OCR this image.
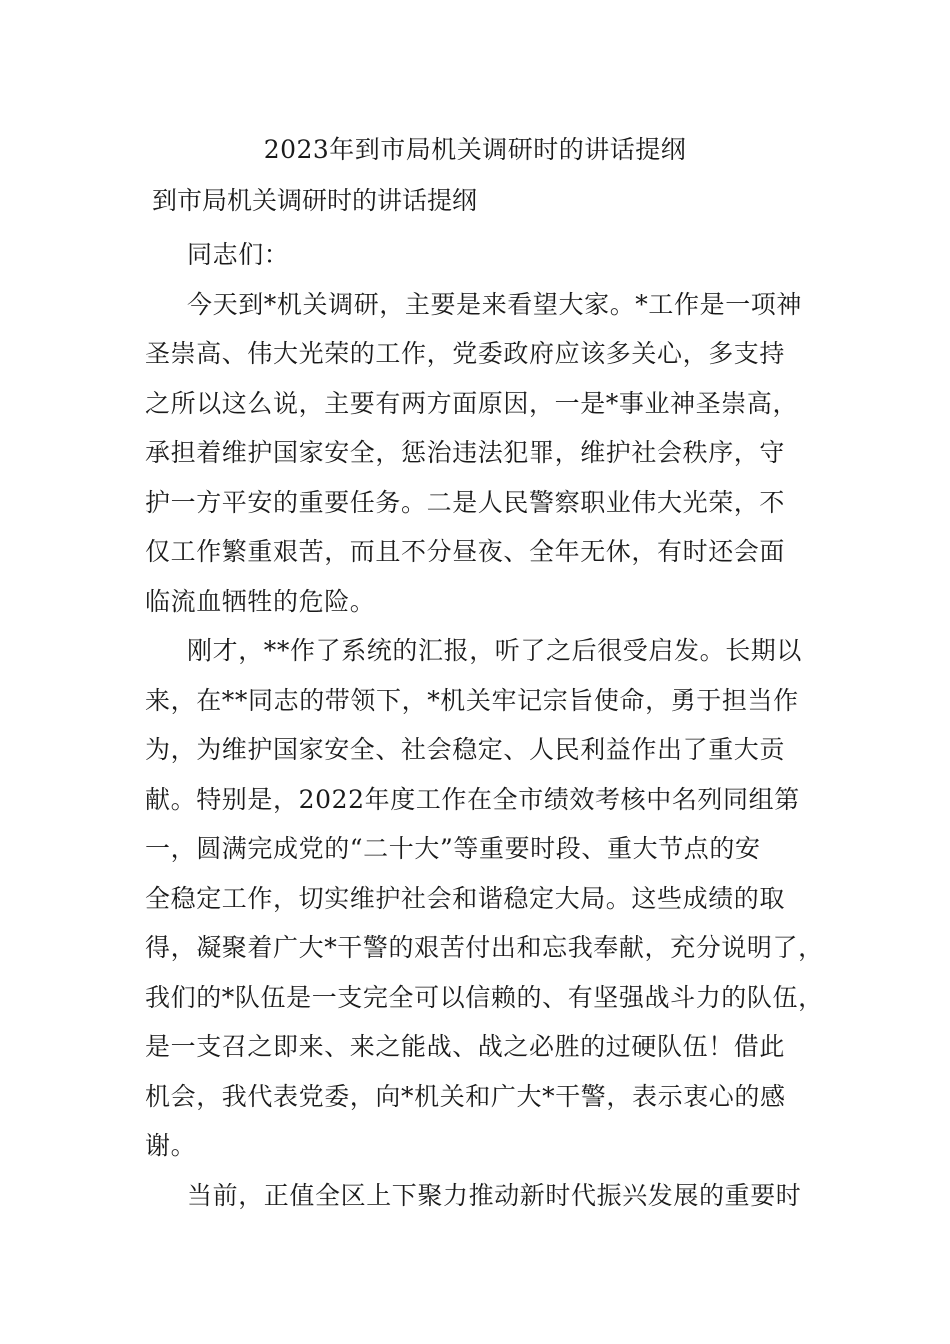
2023年到市局机关调研时的讲话提纲

到市局机关调研时的讲话提纲

同志们：
今天到*机关调研，主要是来看望大家。*工作是一项神
圣崇高、伟大光荣的工作，党委政府应该多关心，多支持
之所以这么说，主要有两方面原因，一是*事业神圣崇高，
承担着维护国家安全，惩治违法犯罪，维护社会秩序，守
护一方平安的重要任务。二是人民警察职业伟大光荣，不
仅工作繁重艰苦，而且不分昼夜、全年无休，有时还会面
临流血牺牲的危险。
刚才，**作了系统的汇报，听了之后很受启发。长期以
来，在**同志的带领下，*机关牢记宗旨使命，勇于担当作
为，为维护国家安全、社会稳定、人民利益作出了重大贡
献。特别是，2022年度工作在全市绩效考核中名列同组第
一，圆满完成党的“二十大”等重要时段、重大节点的安
全稳定工作，切实维护社会和谐稳定大局。这些成绩的取
得，凝聚着广大*干警的艰苦付出和忘我奉献，充分说明了，
我们的*队伍是一支完全可以信赖的、有坚强战斗力的队伍，
是一支召之即来、来之能战、战之必胜的过硬队伍！借此
机会，我代表党委，向*机关和广大*干警，表示衷心的感
谢。
当前，正值全区上下聚力推动新时代振兴发展的重要时
